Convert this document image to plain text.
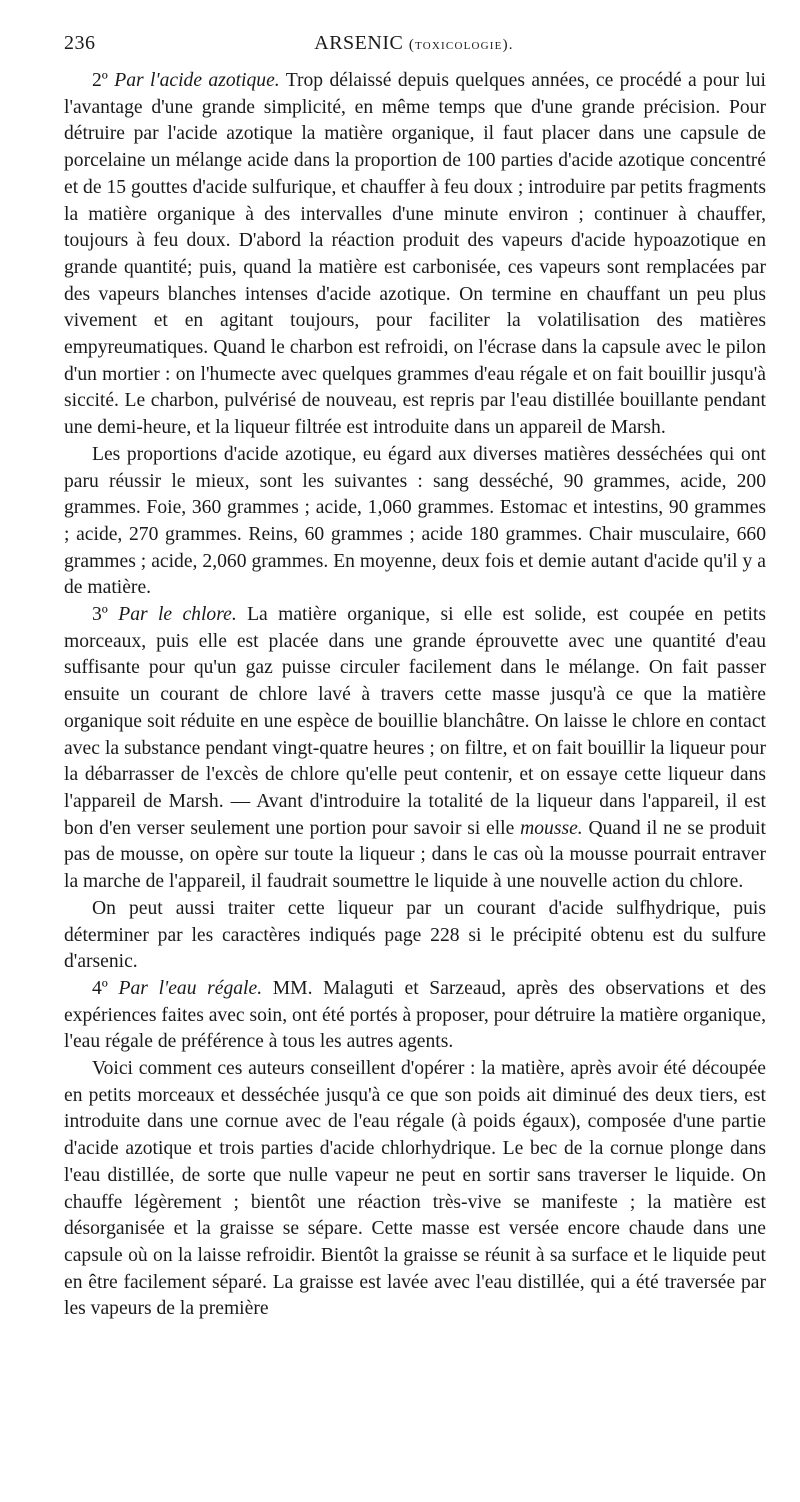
236	ARSENIC (toxicologie).

2º Par l'acide azotique. Trop délaissé depuis quelques années, ce procédé a pour lui l'avantage d'une grande simplicité, en même temps que d'une grande précision. Pour détruire par l'acide azotique la matière organique, il faut placer dans une capsule de porcelaine un mélange acide dans la proportion de 100 parties d'acide azotique concentré et de 15 gouttes d'acide sulfurique, et chauffer à feu doux ; introduire par petits fragments la matière organique à des intervalles d'une minute environ ; continuer à chauffer, toujours à feu doux. D'abord la réaction produit des vapeurs d'acide hypoazotique en grande quantité; puis, quand la matière est carbonisée, ces vapeurs sont remplacées par des vapeurs blanches intenses d'acide azotique. On termine en chauffant un peu plus vivement et en agitant toujours, pour faciliter la volatilisation des matières empyreumatiques. Quand le charbon est refroidi, on l'écrase dans la capsule avec le pilon d'un mortier : on l'humecte avec quelques grammes d'eau régale et on fait bouillir jusqu'à siccité. Le charbon, pulvérisé de nouveau, est repris par l'eau distillée bouillante pendant une demi-heure, et la liqueur filtrée est introduite dans un appareil de Marsh.

Les proportions d'acide azotique, eu égard aux diverses matières desséchées qui ont paru réussir le mieux, sont les suivantes : sang desséché, 90 grammes, acide, 200 grammes. Foie, 360 grammes ; acide, 1,060 grammes. Estomac et intestins, 90 grammes ; acide, 270 grammes. Reins, 60 grammes ; acide 180 grammes. Chair musculaire, 660 grammes ; acide, 2,060 grammes. En moyenne, deux fois et demie autant d'acide qu'il y a de matière.

3º Par le chlore. La matière organique, si elle est solide, est coupée en petits morceaux, puis elle est placée dans une grande éprouvette avec une quantité d'eau suffisante pour qu'un gaz puisse circuler facilement dans le mélange. On fait passer ensuite un courant de chlore lavé à travers cette masse jusqu'à ce que la matière organique soit réduite en une espèce de bouillie blanchâtre. On laisse le chlore en contact avec la substance pendant vingt-quatre heures ; on filtre, et on fait bouillir la liqueur pour la débarrasser de l'excès de chlore qu'elle peut contenir, et on essaye cette liqueur dans l'appareil de Marsh. — Avant d'introduire la totalité de la liqueur dans l'appareil, il est bon d'en verser seulement une portion pour savoir si elle mousse. Quand il ne se produit pas de mousse, on opère sur toute la liqueur ; dans le cas où la mousse pourrait entraver la marche de l'appareil, il faudrait soumettre le liquide à une nouvelle action du chlore.

On peut aussi traiter cette liqueur par un courant d'acide sulfhydrique, puis déterminer par les caractères indiqués page 228 si le précipité obtenu est du sulfure d'arsenic.

4º Par l'eau régale. MM. Malaguti et Sarzeaud, après des observations et des expériences faites avec soin, ont été portés à proposer, pour détruire la matière organique, l'eau régale de préférence à tous les autres agents.

Voici comment ces auteurs conseillent d'opérer : la matière, après avoir été découpée en petits morceaux et desséchée jusqu'à ce que son poids ait diminué des deux tiers, est introduite dans une cornue avec de l'eau régale (à poids égaux), composée d'une partie d'acide azotique et trois parties d'acide chlorhydrique. Le bec de la cornue plonge dans l'eau distillée, de sorte que nulle vapeur ne peut en sortir sans traverser le liquide. On chauffe légèrement ; bientôt une réaction très-vive se manifeste ; la matière est désorganisée et la graisse se sépare. Cette masse est versée encore chaude dans une capsule où on la laisse refroidir. Bientôt la graisse se réunit à sa surface et le liquide peut en être facilement séparé. La graisse est lavée avec l'eau distillée, qui a été traversée par les vapeurs de la première
